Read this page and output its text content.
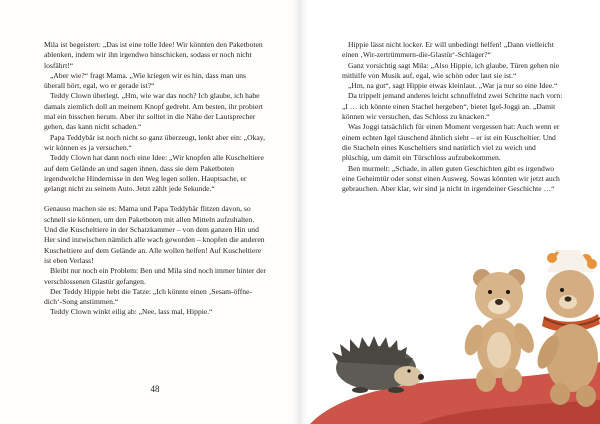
Mila ist begeistert: „Das ist eine tolle Idee! Wir könnten den Paketboten ablenken, indem wir ihn irgendwo hinschicken, sodass er noch nicht losfährt!“

„Aber wie?“ fragt Mama. „Wie kriegen wir es hin, dass man uns überall hört, egal, wo er gerade ist?“

Teddy Clown überlegt. „Hm, wie war das noch? Ich glaube, ich habe damals ziemlich doll an meinem Knopf gedreht. Am besten, ihr probiert mal ein bisschen herum. Aber ihr solltet in die Nähe der Lautsprecher gehen, das kann nicht schaden.“

Papa Teddybär ist noch nicht so ganz überzeugt, lenkt aber ein: „Okay, wir können es ja versuchen.“

Teddy Clown hat dann noch eine Idee: „Wir knopfen alle Kuscheltiere auf dem Gelände an und sagen ihnen, dass sie dem Paketboten irgendwelche Hindernisse in den Weg legen sollen. Hauptsache, er gelangt nicht zu seinem Auto. Jetzt zählt jede Sekunde.“

Genauso machen sie es: Mama und Papa Teddybär flitzen davon, so schnell sie können, um den Paketboten mit allen Mitteln aufzuhalten. Und die Kuscheltiere in der Schatzkammer – von dem ganzen Hin und Her sind inzwischen nämlich alle wach geworden – knopfen die anderen Kuscheltiere auf dem Gelände an. Alle wollen helfen! Auf Kuscheltiere ist eben Verlass!

Bleibt nur noch ein Problem: Ben und Mila sind noch immer hinter der verschlossenen Glastür gefangen.

Der Teddy Hippie hebt die Tatze: „Ich könnte einen ‚Sesam-öffne-dich‘-Song anstimmen.“

Teddy Clown winkt eilig ab: „Nee, lass mal, Hippie.“

48

Hippie lässt nicht locker. Er will unbedingt helfen! „Dann vielleicht einen ‚Wir-zertrümmern-die-Glastür‘-Schlager?“

Ganz vorsichtig sagt Mila: „Also Hippie, ich glaube, Türen gehen nie mithilfe von Musik auf, egal, wie schön oder laut sie ist.“

„Hm, na gut“, sagt Hippie etwas kleinlaut. „War ja nur so eine Idee.“

Da trippelt jemand anderes leicht schnuffelnd zwei Schritte nach vorn: „I … ich könnte einen Stachel hergeben“, bietet Igel-Joggi an. „Damit können wir versuchen, das Schloss zu knacken.“

Was Joggi tatsächlich für einen Moment vergessen hat: Auch wenn er einem echten Igel täuschend ähnlich sieht – er ist ein Kuscheltier. Und die Stacheln eines Kuscheltiers sind natürlich viel zu weich und plüschig, um damit ein Türschloss aufzubekommen.

Ben murmelt: „Schade, in allen guten Geschichten gibt es irgendwo eine Geheimtür oder sonst einen Ausweg. Sowas könnten wir jetzt auch gebrauchen. Aber klar, wir sind ja nicht in irgendeiner Geschichte …“
